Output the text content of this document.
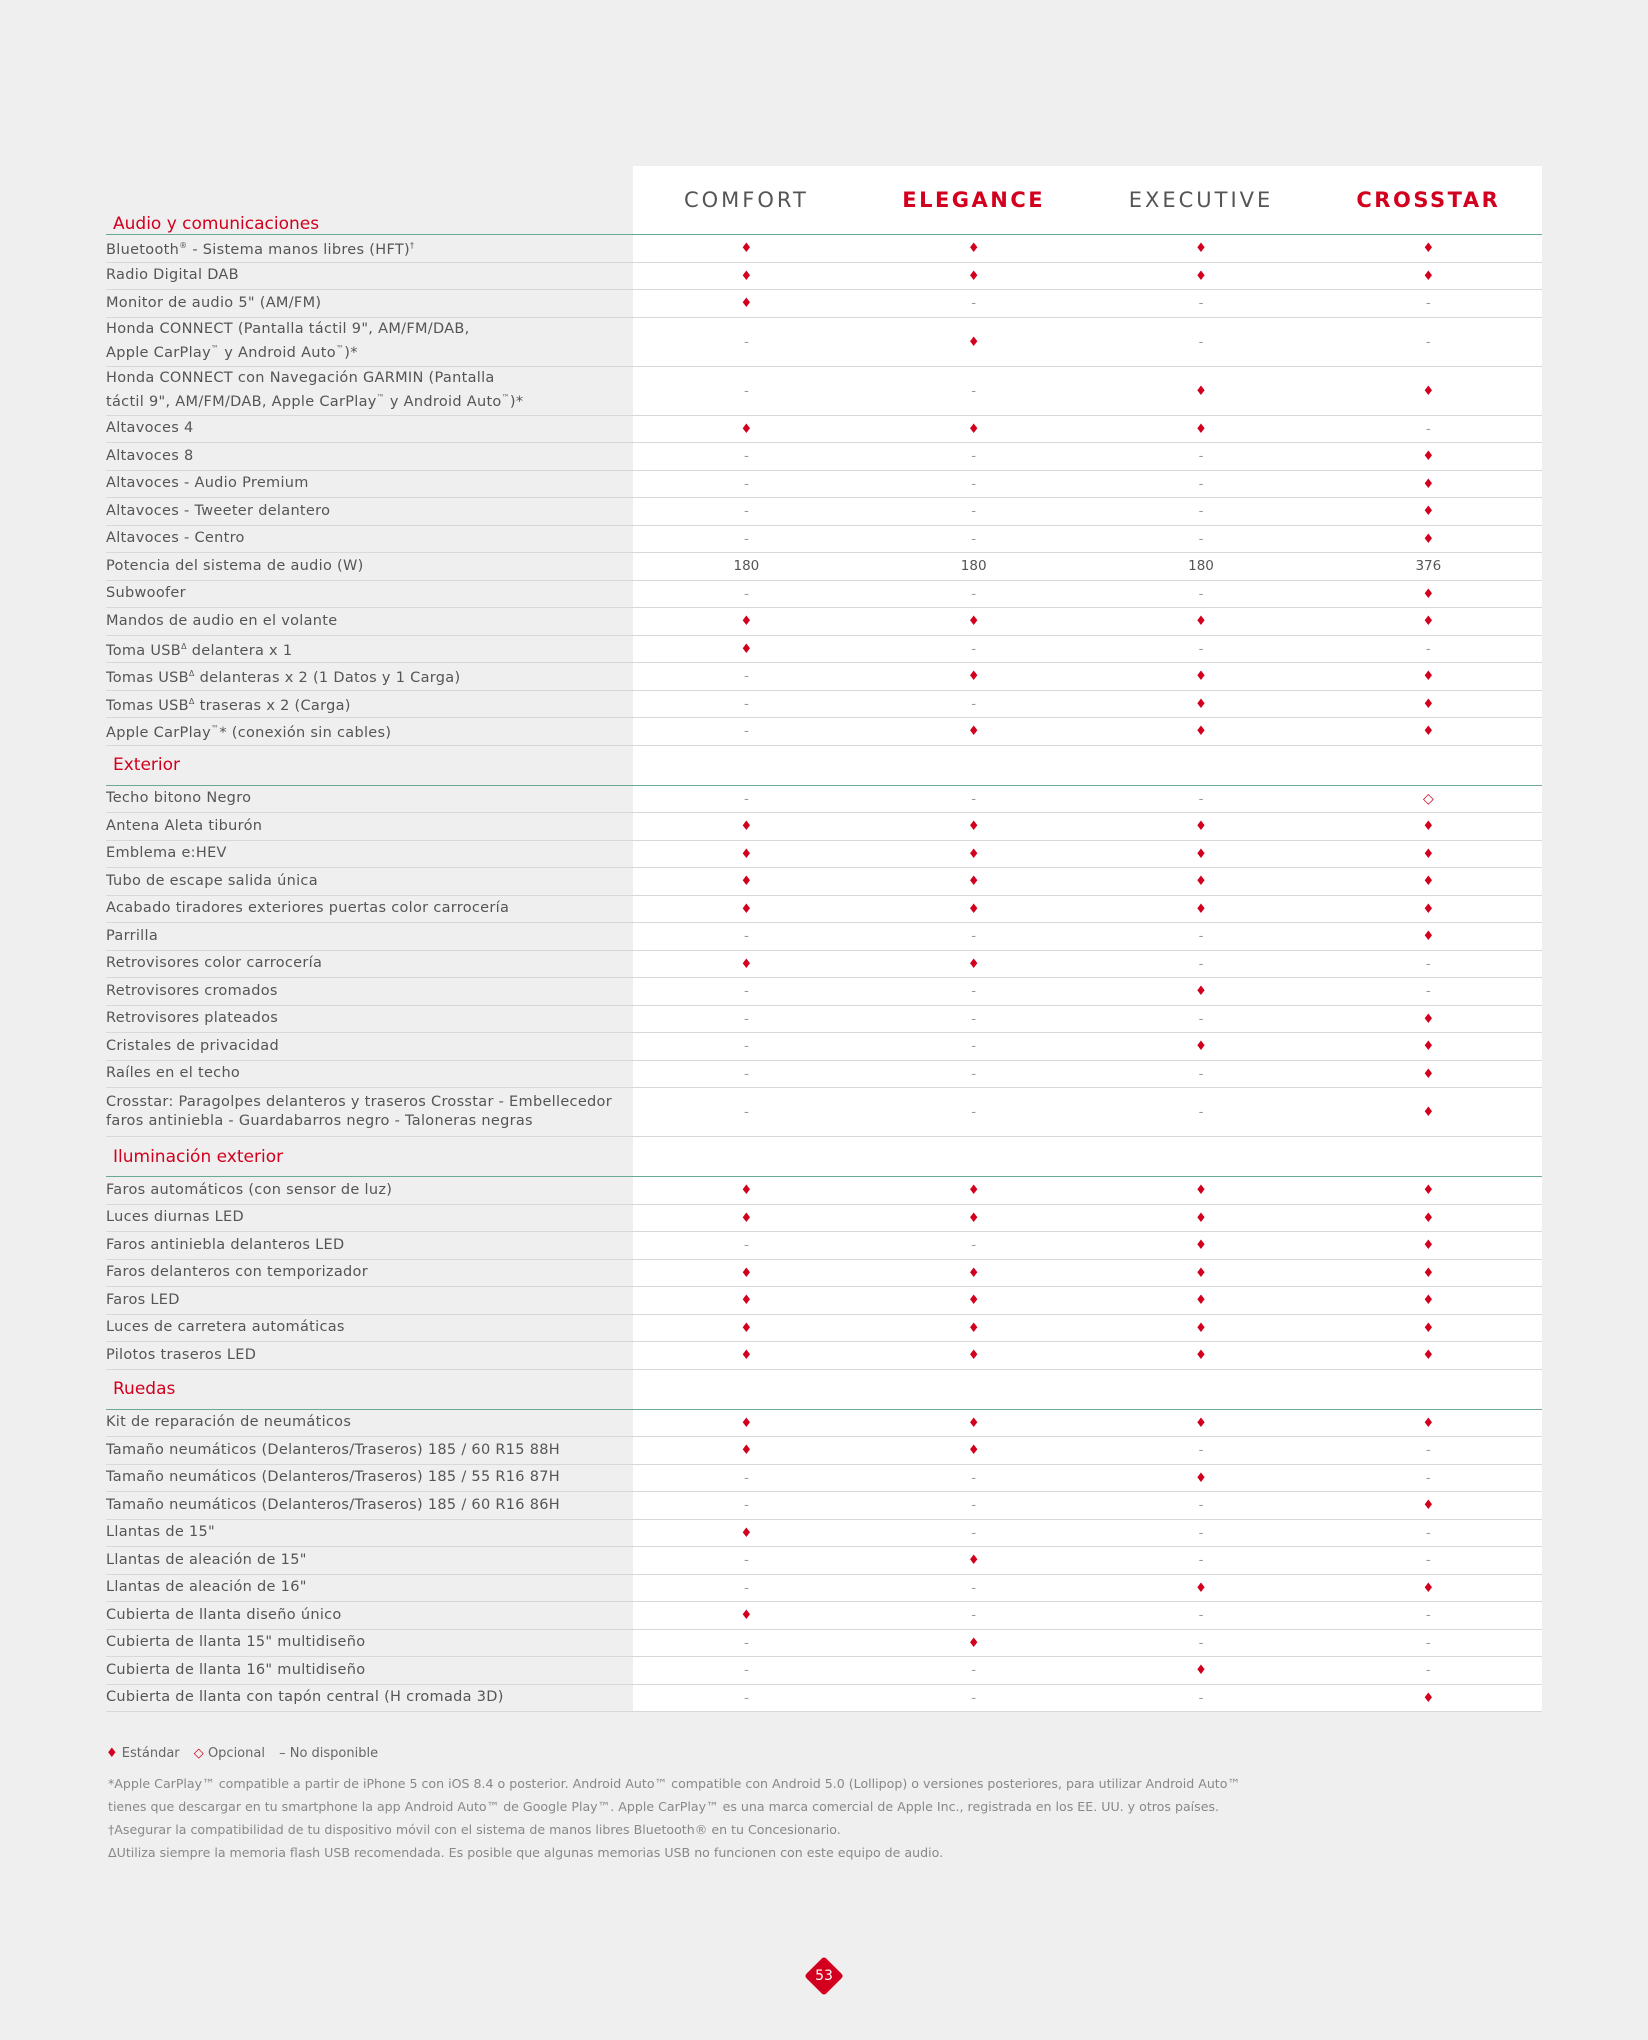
Audio y comunicaciones	COMFORT	ELEGANCE	EXECUTIVE	CROSSTAR
Bluetooth® - Sistema manos libres (HFT)†	♦	♦	♦	♦
Radio Digital DAB	♦	♦	♦	♦
Monitor de audio 5" (AM/FM)	♦	-	-	-
Honda CONNECT (Pantalla táctil 9", AM/FM/DAB,
Apple CarPlay™ y Android Auto™)*	-	♦	-	-
Honda CONNECT con Navegación GARMIN (Pantalla
táctil 9", AM/FM/DAB, Apple CarPlay™ y Android Auto™)*	-	-	♦	♦
Altavoces 4	♦	♦	♦	-
Altavoces 8	-	-	-	♦
Altavoces - Audio Premium	-	-	-	♦
Altavoces - Tweeter delantero	-	-	-	♦
Altavoces - Centro	-	-	-	♦
Potencia del sistema de audio (W)	180	180	180	376
Subwoofer	-	-	-	♦
Mandos de audio en el volante	♦	♦	♦	♦
Toma $USB^\Delta$ delantera x 1	♦	-	-	-
Tomas $USB^\Delta$ delanteras x 2 (1 Datos y 1 Carga)	-	♦	♦	♦
Tomas $USB^\Delta$ traseras x 2 (Carga)	-	-	♦	♦
Apple CarPlay™* (conexión sin cables)	-	♦	♦	♦
Exterior				
Techo bitono Negro	-	-	-	◇
Antena Aleta tiburón	♦	♦	♦	♦
Emblema e:HEV	♦	♦	♦	♦
Tubo de escape salida única	♦	♦	♦	♦
Acabado tiradores exteriores puertas color carrocería	♦	♦	♦	♦
Parrilla	-	-	-	♦
Retrovisores color carrocería	♦	♦	-	-
Retrovisores cromados	-	-	♦	-
Retrovisores plateados	-	-	-	♦
Cristales de privacidad	-	-	♦	♦
Raíles en el techo	-	-	-	♦
Crosstar: Paragolpes delanteros y traseros Crosstar - Embellecedor
faros antiniebla - Guardabarros negro - Taloneras negras	-	-	-	♦
Iluminación exterior				
Faros automáticos (con sensor de luz)	♦	♦	♦	♦
Luces diurnas LED	♦	♦	♦	♦
Faros antiniebla delanteros LED	-	-	♦	♦
Faros delanteros con temporizador	♦	♦	♦	♦
Faros LED	♦	♦	♦	♦
Luces de carretera automáticas	♦	♦	♦	♦
Pilotos traseros LED	♦	♦	♦	♦
Ruedas				
Kit de reparación de neumáticos	♦	♦	♦	♦
Tamaño neumáticos (Delanteros/Traseros) 185 / 60 R15 88H	♦	♦	-	-
Tamaño neumáticos (Delanteros/Traseros) 185 / 55 R16 87H	-	-	♦	-
Tamaño neumáticos (Delanteros/Traseros) 185 / 60 R16 86H	-	-	-	♦
Llantas de 15"	♦	-	-	-
Llantas de aleación de 15"	-	♦	-	-
Llantas de aleación de 16"	-	-	♦	♦
Cubierta de llanta diseño único	♦	-	-	-
Cubierta de llanta 15" multidiseño	-	♦	-	-
Cubierta de llanta 16" multidiseño	-	-	♦	-
Cubierta de llanta con tapón central (H cromada 3D)	-	-	-	♦
♦ Estándar ◇ Opcional – No disponible

*Apple CarPlay™ compatible a partir de iPhone 5 con iOS 8.4 o posterior. Android Auto™ compatible con Android 5.0 (Lollipop) o versiones posteriores, para utilizar Android Auto™

tienes que descargar en tu smartphone la app Android Auto™ de Google Play™. Apple CarPlay™ es una marca comercial de Apple Inc., registrada en los EE. UU. y otros países.

†Asegurar la compatibilidad de tu dispositivo móvil con el sistema de manos libres Bluetooth® en tu Concesionario.

ΔUtiliza siempre la memoria flash USB recomendada. Es posible que algunas memorias USB no funcionen con este equipo de audio.

53
